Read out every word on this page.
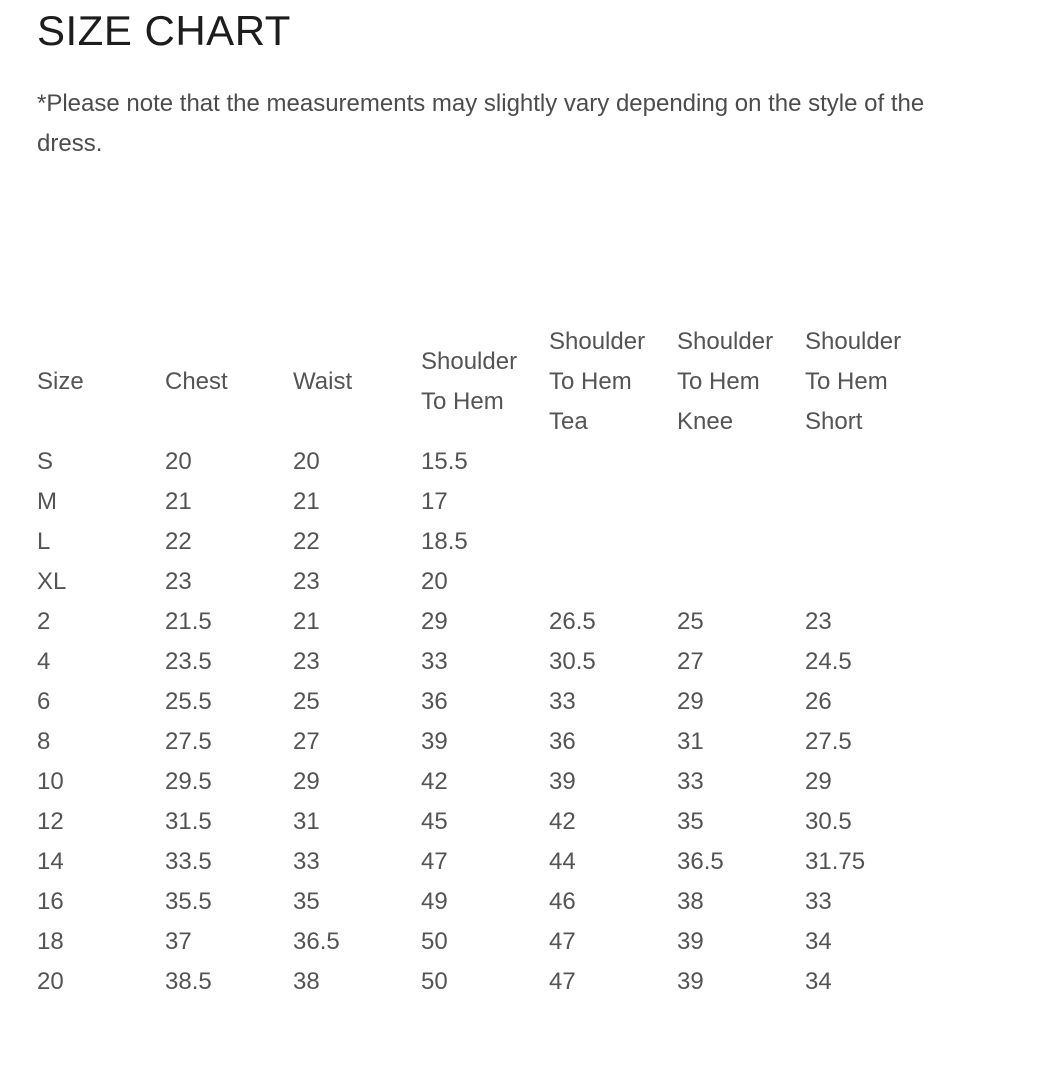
SIZE CHART

*Please note that the measurements may slightly vary depending on the style of the dress.

Size	Chest	Waist	Shoulder To Hem	Shoulder To Hem Tea	Shoulder To Hem Knee	Shoulder To Hem Short
S	20	20	15.5			
M	21	21	17			
L	22	22	18.5			
XL	23	23	20			
2	21.5	21	29	26.5	25	23
4	23.5	23	33	30.5	27	24.5
6	25.5	25	36	33	29	26
8	27.5	27	39	36	31	27.5
10	29.5	29	42	39	33	29
12	31.5	31	45	42	35	30.5
14	33.5	33	47	44	36.5	31.75
16	35.5	35	49	46	38	33
18	37	36.5	50	47	39	34
20	38.5	38	50	47	39	34
